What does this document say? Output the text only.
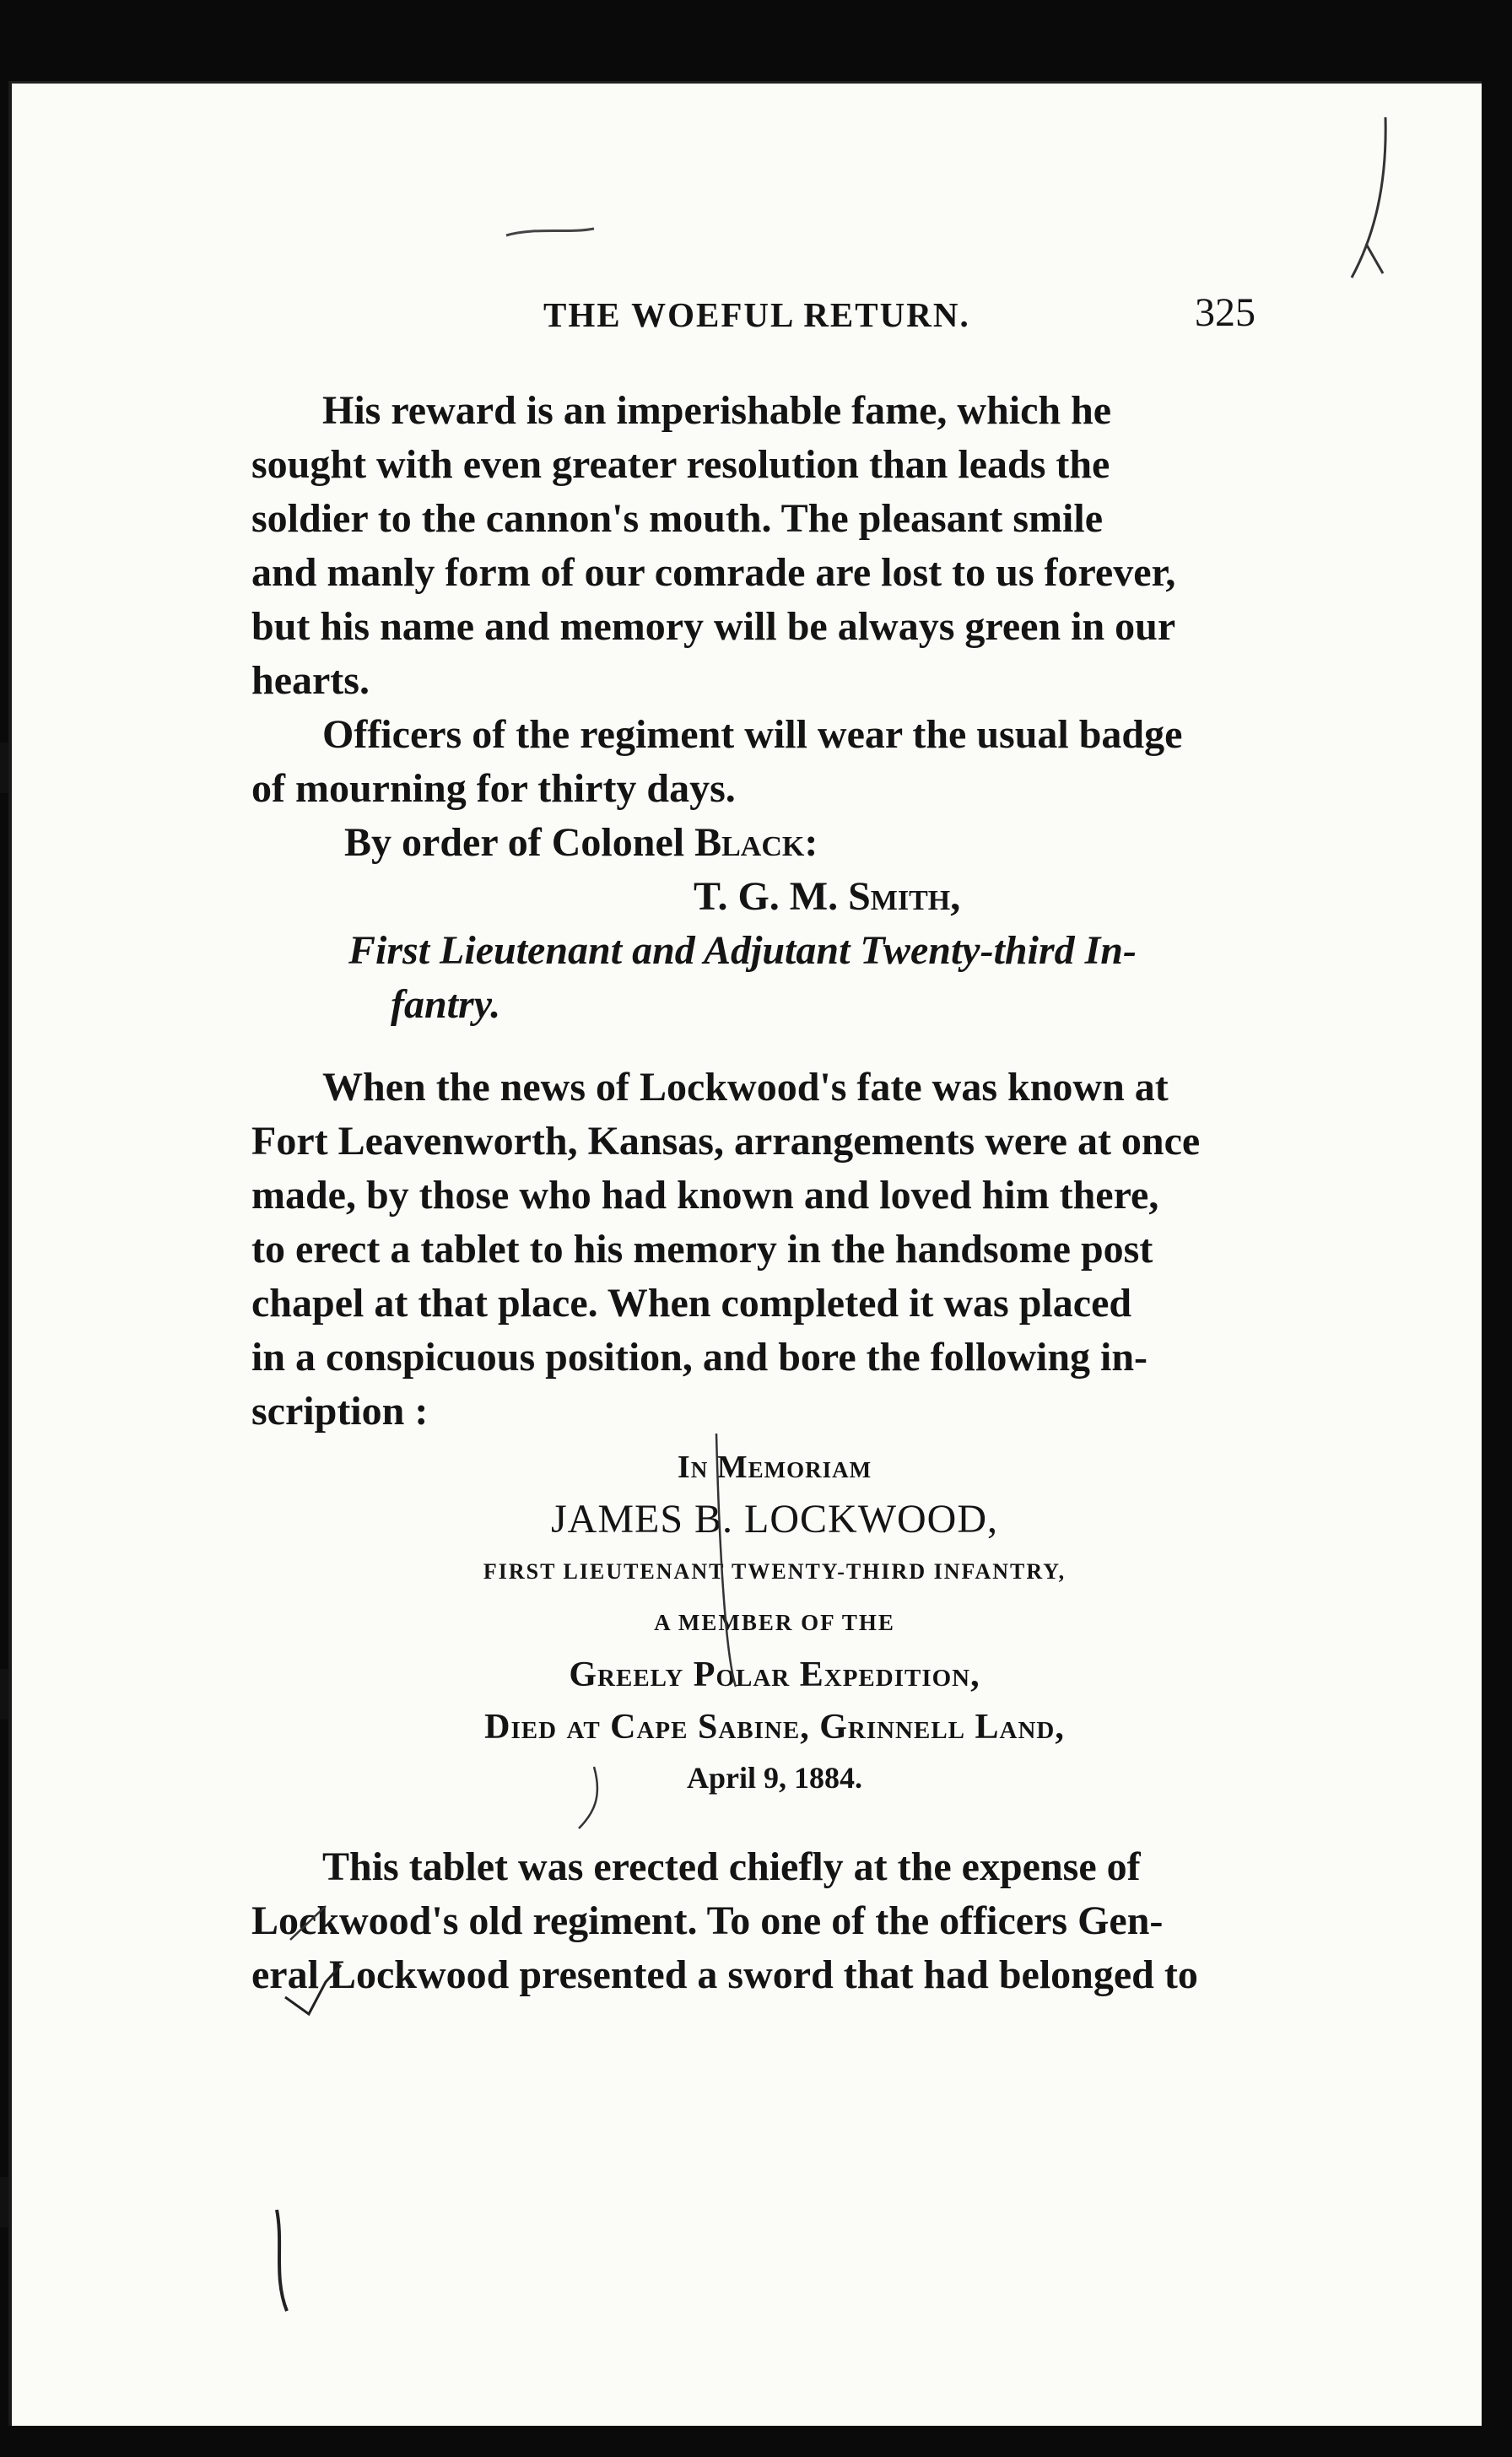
THE WOEFUL RETURN.	325

His reward is an imperishable fame, which he
sought with even greater resolution than leads the
soldier to the cannon's mouth. The pleasant smile
and manly form of our comrade are lost to us forever,
but his name and memory will be always green in our
hearts.

Officers of the regiment will wear the usual badge
of mourning for thirty days.

By order of Colonel Black:

T. G. M. Smith,

First Lieutenant and Adjutant Twenty-third In-
fantry.

When the news of Lockwood's fate was known at
Fort Leavenworth, Kansas, arrangements were at once
made, by those who had known and loved him there,
to erect a tablet to his memory in the handsome post
chapel at that place. When completed it was placed
in a conspicuous position, and bore the following in-
scription :

In Memoriam
JAMES B. LOCKWOOD,
FIRST LIEUTENANT TWENTY-THIRD INFANTRY,
A MEMBER OF THE
Greely Polar Expedition,
Died at Cape Sabine, Grinnell Land,
April 9, 1884.

This tablet was erected chiefly at the expense of
Lockwood's old regiment. To one of the officers Gen-
eral Lockwood presented a sword that had belonged to
